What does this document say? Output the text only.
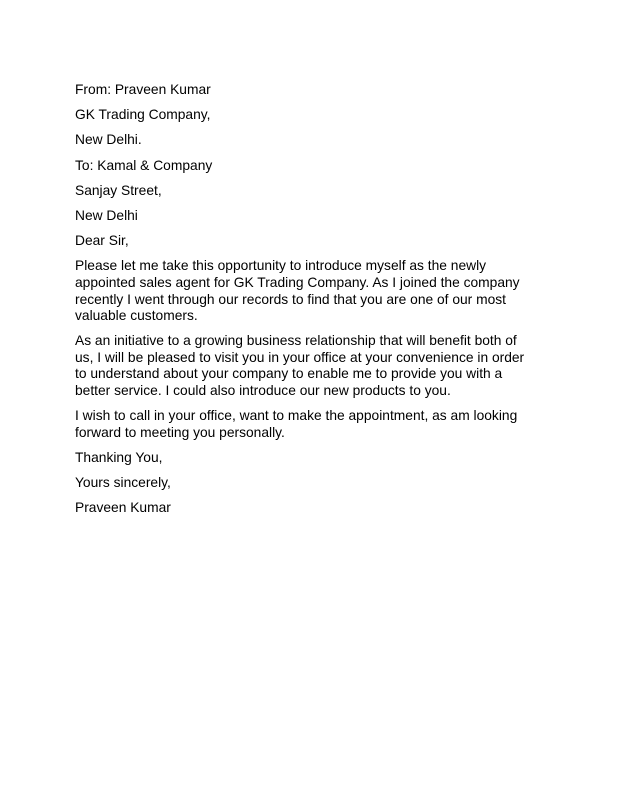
From: Praveen Kumar
GK Trading Company,
New Delhi.
To: Kamal & Company
Sanjay Street,
New Delhi
Dear Sir,
Please let me take this opportunity to introduce myself as the newly
appointed sales agent for GK Trading Company. As I joined the company
recently I went through our records to find that you are one of our most
valuable customers.
As an initiative to a growing business relationship that will benefit both of
us, I will be pleased to visit you in your office at your convenience in order
to understand about your company to enable me to provide you with a
better service. I could also introduce our new products to you.
I wish to call in your office, want to make the appointment, as am looking
forward to meeting you personally.
Thanking You,
Yours sincerely,
Praveen Kumar
